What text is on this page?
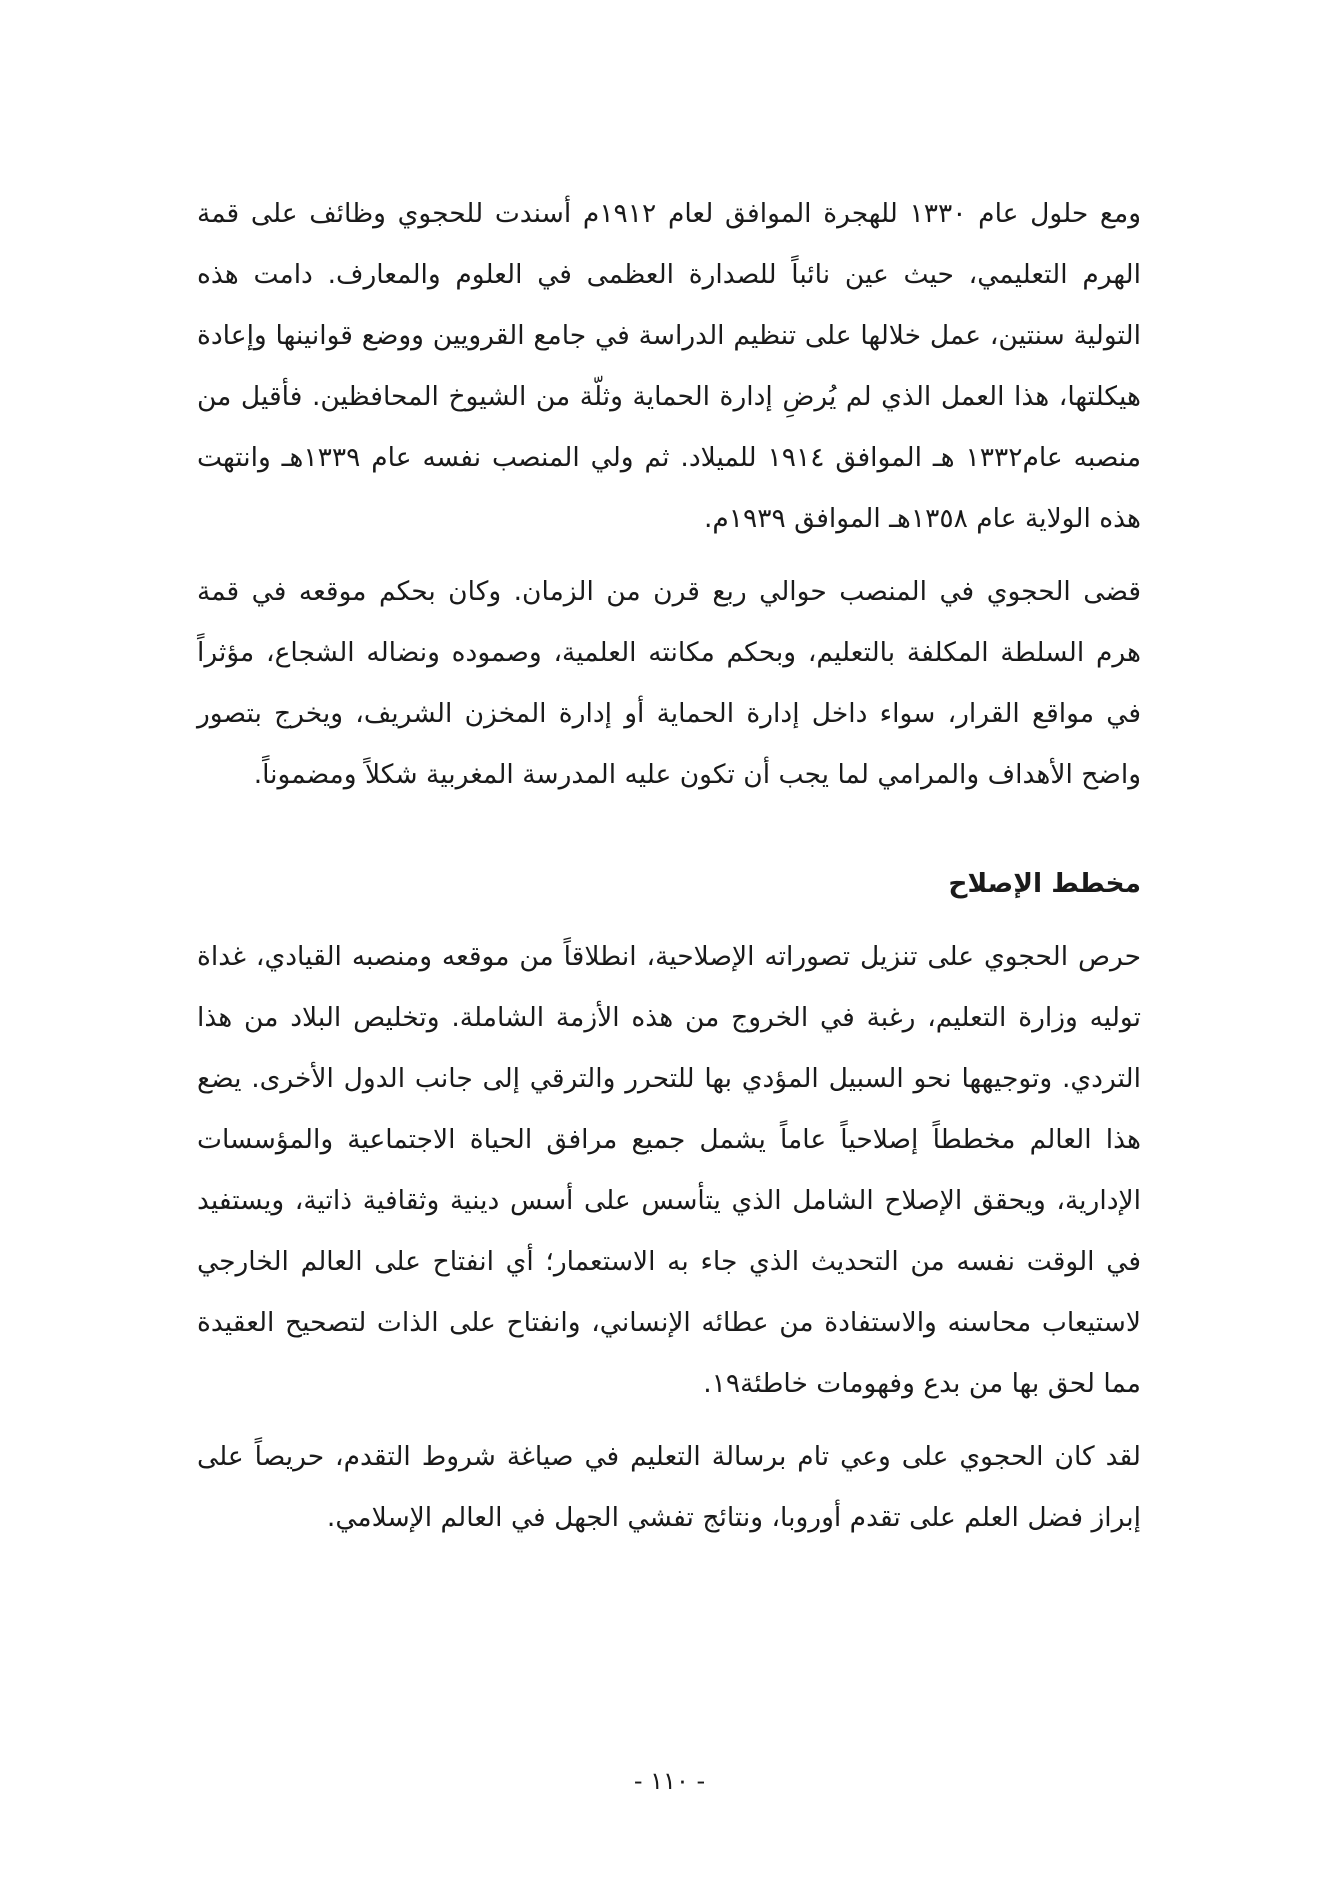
ومع حلول عام ١٣٣٠ للهجرة الموافق لعام ١٩١٢م أسندت للحجوي وظائف على قمة الهرم التعليمي، حيث عين نائباً للصدارة العظمى في العلوم والمعارف. دامت هذه التولية سنتين، عمل خلالها على تنظيم الدراسة في جامع القرويين ووضع قوانينها وإعادة هيكلتها، هذا العمل الذي لم يُرضِ إدارة الحماية وثلّة من الشيوخ المحافظين. فأقيل من منصبه عام١٣٣٢ هـ الموافق ١٩١٤ للميلاد. ثم ولي المنصب نفسه عام ١٣٣٩هـ وانتهت هذه الولاية عام ١٣٥٨هـ الموافق ١٩٣٩م.

قضى الحجوي في المنصب حوالي ربع قرن من الزمان. وكان بحكم موقعه في قمة هرم السلطة المكلفة بالتعليم، وبحكم مكانته العلمية، وصموده ونضاله الشجاع، مؤثراً في مواقع القرار، سواء داخل إدارة الحماية أو إدارة المخزن الشريف، ويخرج بتصور واضح الأهداف والمرامي لما يجب أن تكون عليه المدرسة المغربية شكلاً ومضموناً.

مخطط الإصلاح

حرص الحجوي على تنزيل تصوراته الإصلاحية، انطلاقاً من موقعه ومنصبه القيادي، غداة توليه وزارة التعليم، رغبة في الخروج من هذه الأزمة الشاملة. وتخليص البلاد من هذا التردي. وتوجيهها نحو السبيل المؤدي بها للتحرر والترقي إلى جانب الدول الأخرى. يضع هذا العالم مخططاً إصلاحياً عاماً يشمل جميع مرافق الحياة الاجتماعية والمؤسسات الإدارية، ويحقق الإصلاح الشامل الذي يتأسس على أسس دينية وثقافية ذاتية، ويستفيد في الوقت نفسه من التحديث الذي جاء به الاستعمار؛ أي انفتاح على العالم الخارجي لاستيعاب محاسنه والاستفادة من عطائه الإنساني، وانفتاح على الذات لتصحيح العقيدة مما لحق بها من بدع وفهومات خاطئة١٩.

لقد كان الحجوي على وعي تام برسالة التعليم في صياغة شروط التقدم، حريصاً على إبراز فضل العلم على تقدم أوروبا، ونتائج تفشي الجهل في العالم الإسلامي.

- ١١٠ -
